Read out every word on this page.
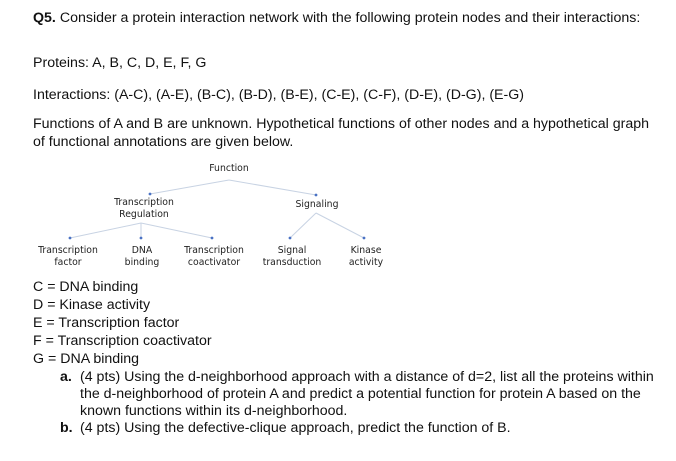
Q5. Consider a protein interaction network with the following protein nodes and their interactions:

Proteins: A, B, C, D, E, F, G

Interactions: (A-C), (A-E), (B-C), (B-D), (B-E), (C-E), (C-F), (D-E), (D-G), (E-G)

Functions of A and B are unknown. Hypothetical functions of other nodes and a hypothetical graph of functional annotations are given below.

Function
Transcription
Regulation
Signaling
Transcription
factor
DNA
binding
Transcription
coactivator
Signal
transduction
Kinase
activity
C = DNA binding
D = Kinase activity
E = Transcription factor
F = Transcription coactivator
G = DNA binding
a. (4 pts) Using the d-neighborhood approach with a distance of d=2, list all the proteins within the d-neighborhood of protein A and predict a potential function for protein A based on the known functions within its d-neighborhood.
b. (4 pts) Using the defective-clique approach, predict the function of B.
